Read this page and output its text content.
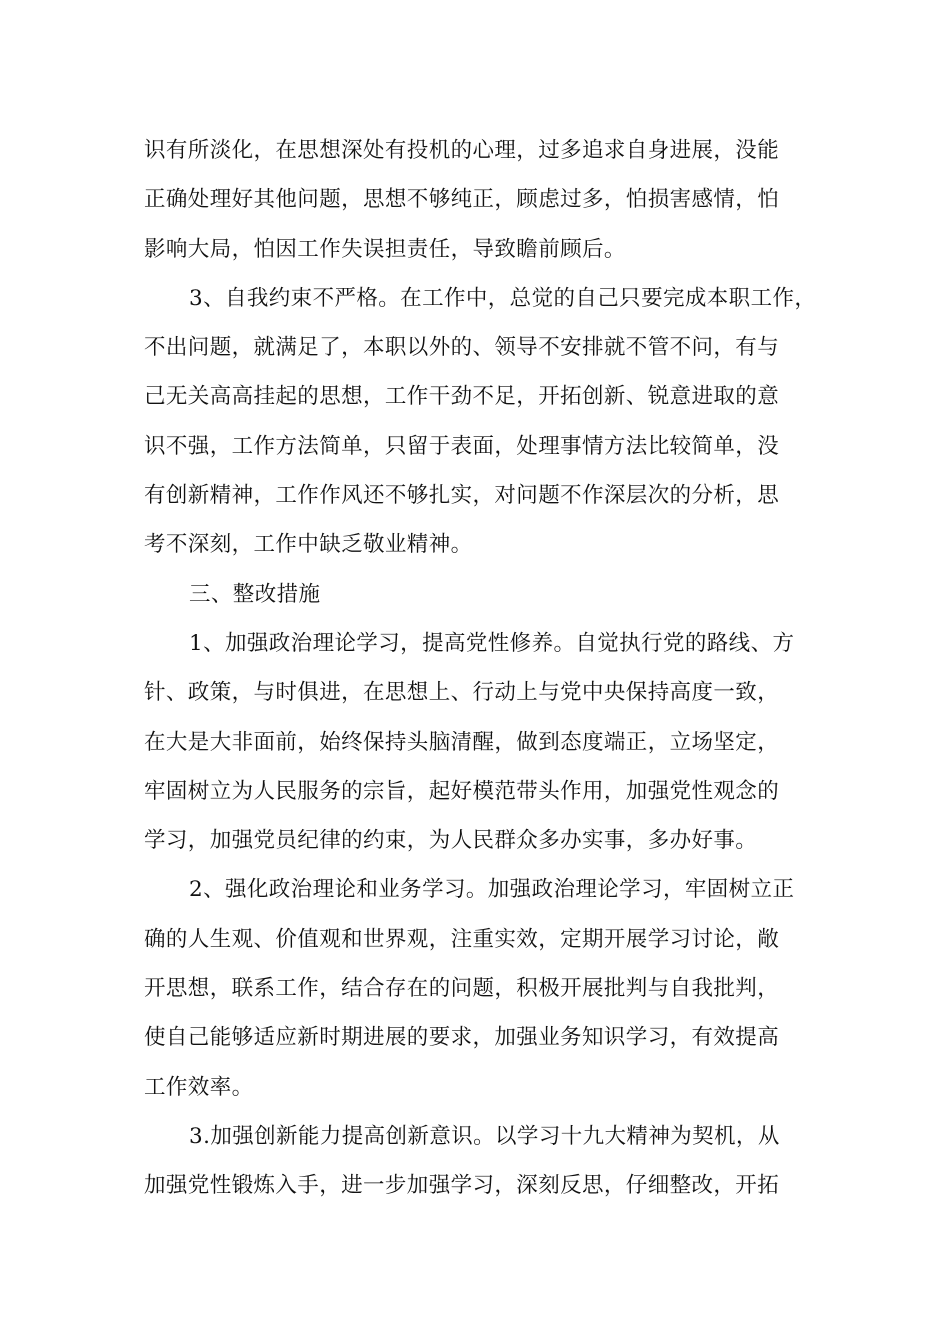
识有所淡化，在思想深处有投机的心理，过多追求自身进展，没能
正确处理好其他问题，思想不够纯正，顾虑过多，怕损害感情，怕
影响大局，怕因工作失误担责任，导致瞻前顾后。
3、自我约束不严格。在工作中，总觉的自己只要完成本职工作，
不出问题，就满足了，本职以外的、领导不安排就不管不问，有与
己无关高高挂起的思想，工作干劲不足，开拓创新、锐意进取的意
识不强，工作方法简单，只留于表面，处理事情方法比较简单，没
有创新精神，工作作风还不够扎实，对问题不作深层次的分析，思
考不深刻，工作中缺乏敬业精神。
三、整改措施
1、加强政治理论学习，提高党性修养。自觉执行党的路线、方
针、政策，与时俱进，在思想上、行动上与党中央保持高度一致，
在大是大非面前，始终保持头脑清醒，做到态度端正，立场坚定，
牢固树立为人民服务的宗旨，起好模范带头作用，加强党性观念的
学习，加强党员纪律的约束，为人民群众多办实事，多办好事。
2、强化政治理论和业务学习。加强政治理论学习，牢固树立正
确的人生观、价值观和世界观，注重实效，定期开展学习讨论，敞
开思想，联系工作，结合存在的问题，积极开展批判与自我批判，
使自己能够适应新时期进展的要求，加强业务知识学习，有效提高
工作效率。
3.加强创新能力提高创新意识。以学习十九大精神为契机，从
加强党性锻炼入手，进一步加强学习，深刻反思，仔细整改，开拓
